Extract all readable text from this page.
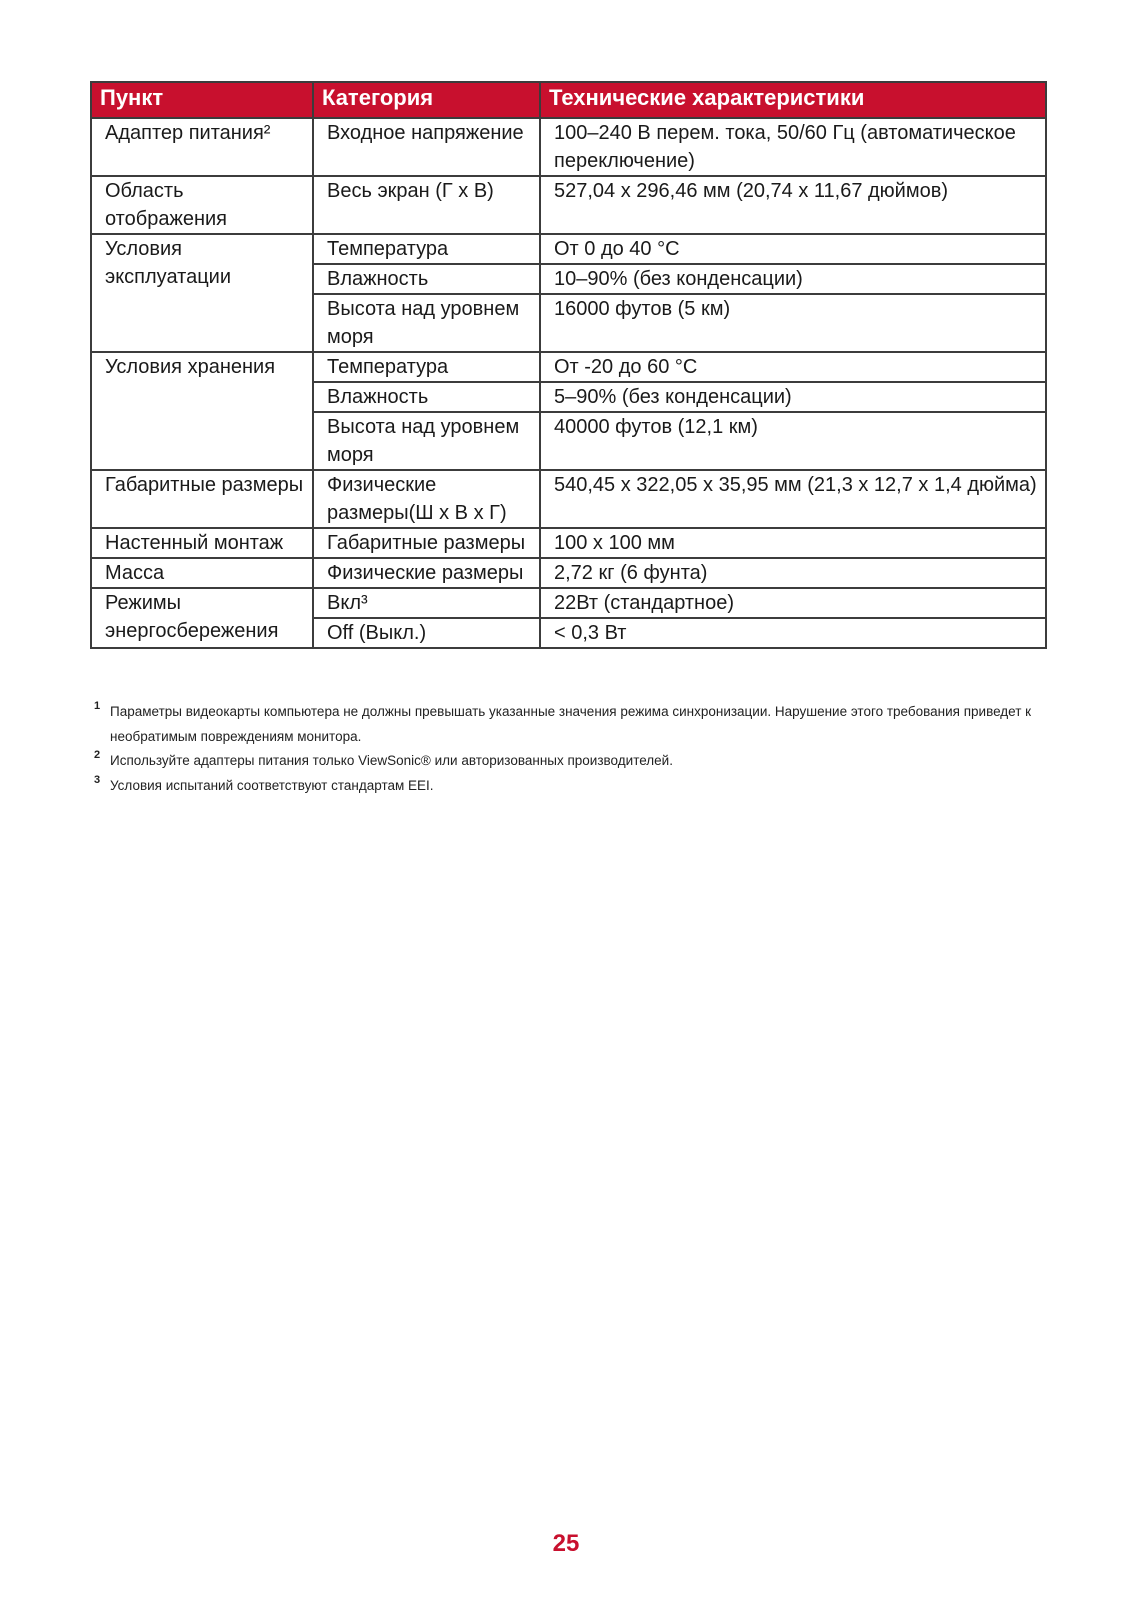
Пункт	Категория	Технические характеристики
Адаптер питания²	Входное напряжение	100–240 В перем. тока, 50/60 Гц (автоматическое переключение)
Область отображения	Весь экран (Г x В)	527,04 x 296,46 мм (20,74 x 11,67 дюймов)
Условия эксплуатации	Температура	От 0 до 40 °C
	Влажность	10–90% (без конденсации)
	Высота над уровнем моря	16000 футов (5 км)
Условия хранения	Температура	От -20 до 60 °C
	Влажность	5–90% (без конденсации)
	Высота над уровнем моря	40000 футов (12,1 км)
Габаритные размеры	Физические размеры(Ш x В x Г)	540,45 x 322,05 x 35,95 мм (21,3 x 12,7 x 1,4 дюйма)
Настенный монтаж	Габаритные размеры	100 x 100 мм
Масса	Физические размеры	2,72 кг (6 фунта)
Режимы энергосбережения	Вкл³	22Вт (стандартное)
	Off (Выкл.)	< 0,3 Вт
1 Параметры видеокарты компьютера не должны превышать указанные значения режима синхронизации. Нарушение этого требования приведет к необратимым повреждениям монитора.
2 Используйте адаптеры питания только ViewSonic® или авторизованных производителей.
3 Условия испытаний соответствуют стандартам EEI.
25
